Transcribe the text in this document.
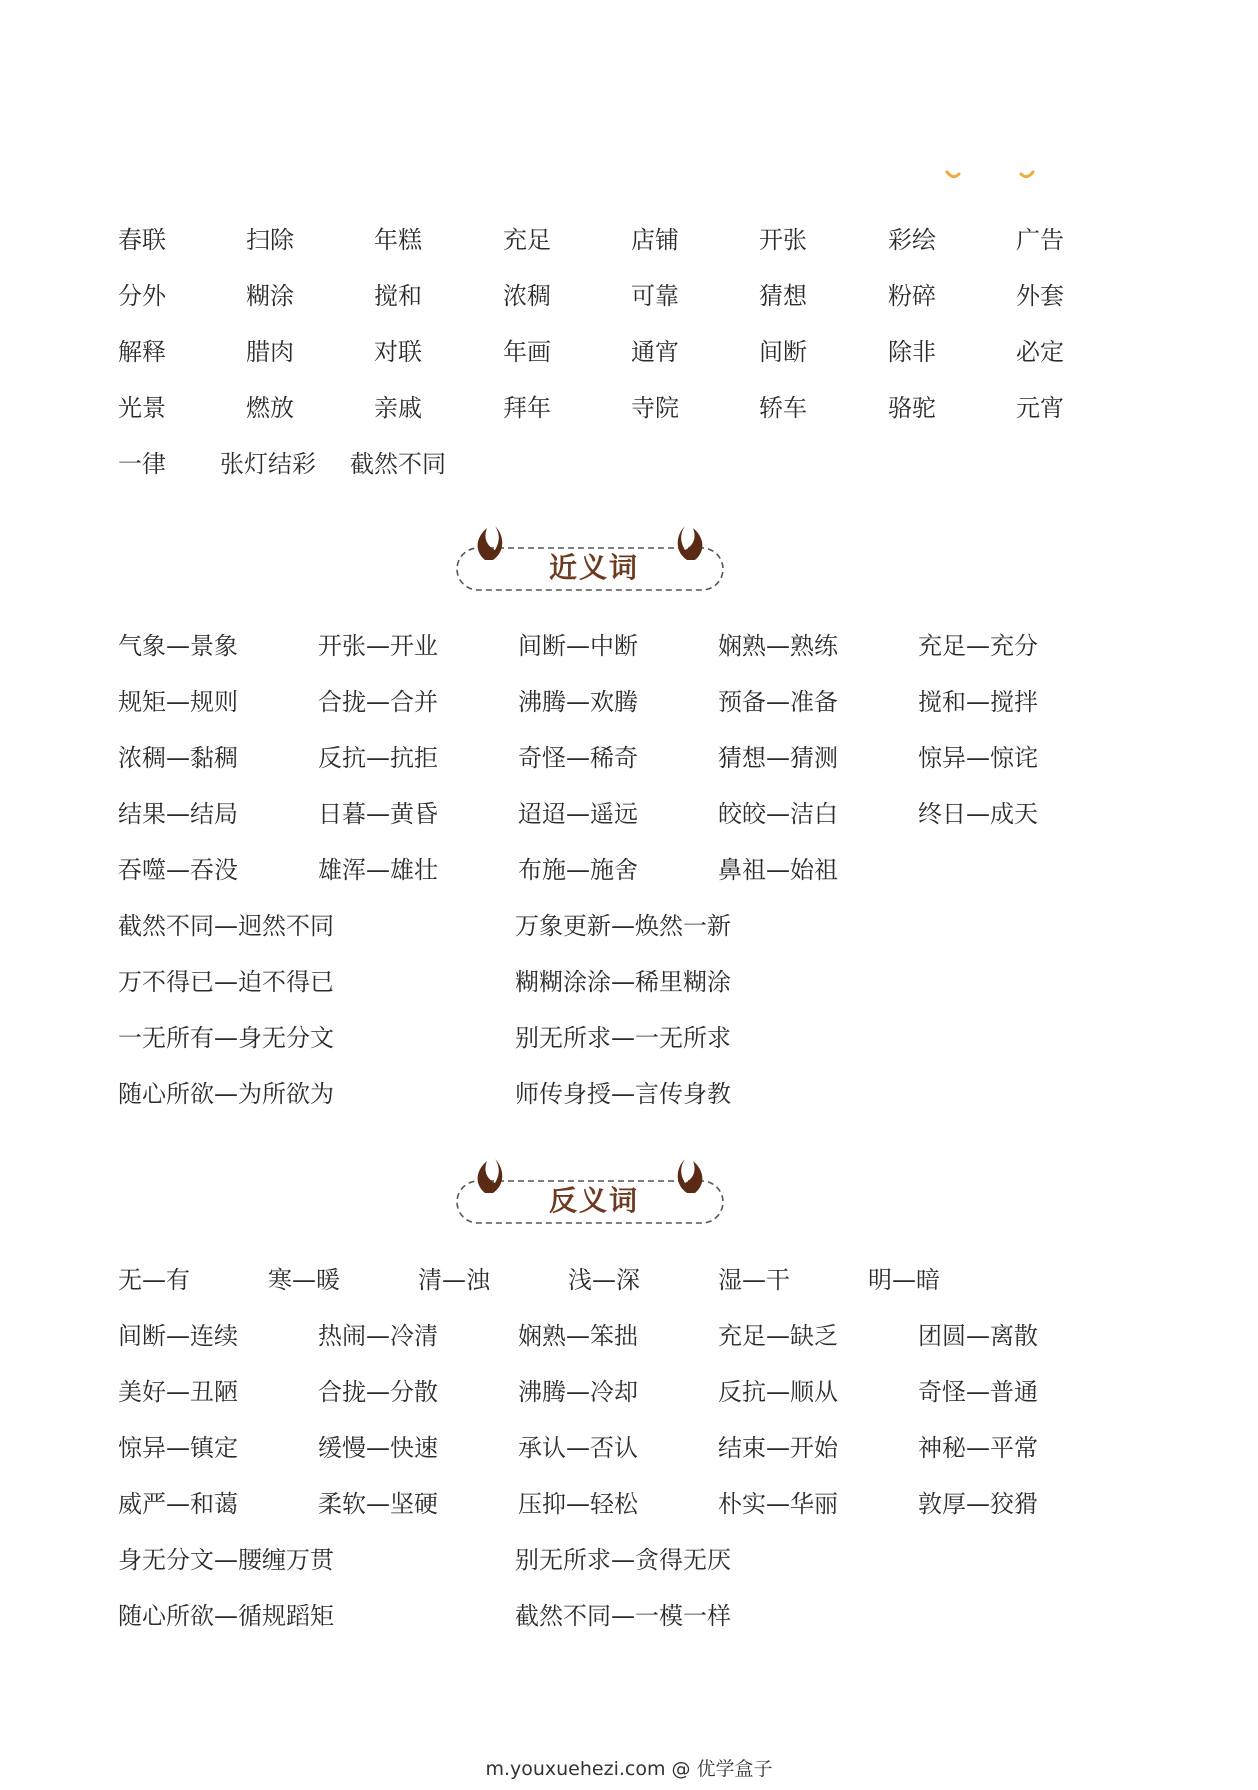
春联	扫除	年糕	充足	店铺	开张	彩绘	广告
分外	糊涂	搅和	浓稠	可靠	猜想	粉碎	外套
解释	腊肉	对联	年画	通宵	间断	除非	必定
光景	燃放	亲戚	拜年	寺院	轿车	骆驼	元宵
一律 张灯结彩 截然不同
近义词
气象—景象	开张—开业	间断—中断	娴熟—熟练	充足—充分
规矩—规则	合拢—合并	沸腾—欢腾	预备—准备	搅和—搅拌
浓稠—黏稠	反抗—抗拒	奇怪—稀奇	猜想—猜测	惊异—惊诧
结果—结局	日暮—黄昏	迢迢—遥远	皎皎—洁白	终日—成天
吞噬—吞没	雄浑—雄壮	布施—施舍	鼻祖—始祖
截然不同—迥然不同	万象更新—焕然一新
万不得已—迫不得已	糊糊涂涂—稀里糊涂
一无所有—身无分文	别无所求—一无所求
随心所欲—为所欲为	师传身授—言传身教
反义词
无—有	寒—暖	清—浊	浅—深	湿—干	明—暗
间断—连续	热闹—冷清	娴熟—笨拙	充足—缺乏	团圆—离散
美好—丑陋	合拢—分散	沸腾—冷却	反抗—顺从	奇怪—普通
惊异—镇定	缓慢—快速	承认—否认	结束—开始	神秘—平常
威严—和蔼	柔软—坚硬	压抑—轻松	朴实—华丽	敦厚—狡猾
身无分文—腰缠万贯	别无所求—贪得无厌
随心所欲—循规蹈矩	截然不同—一模一样
m.youxuehezi.com @ 优学盒子
